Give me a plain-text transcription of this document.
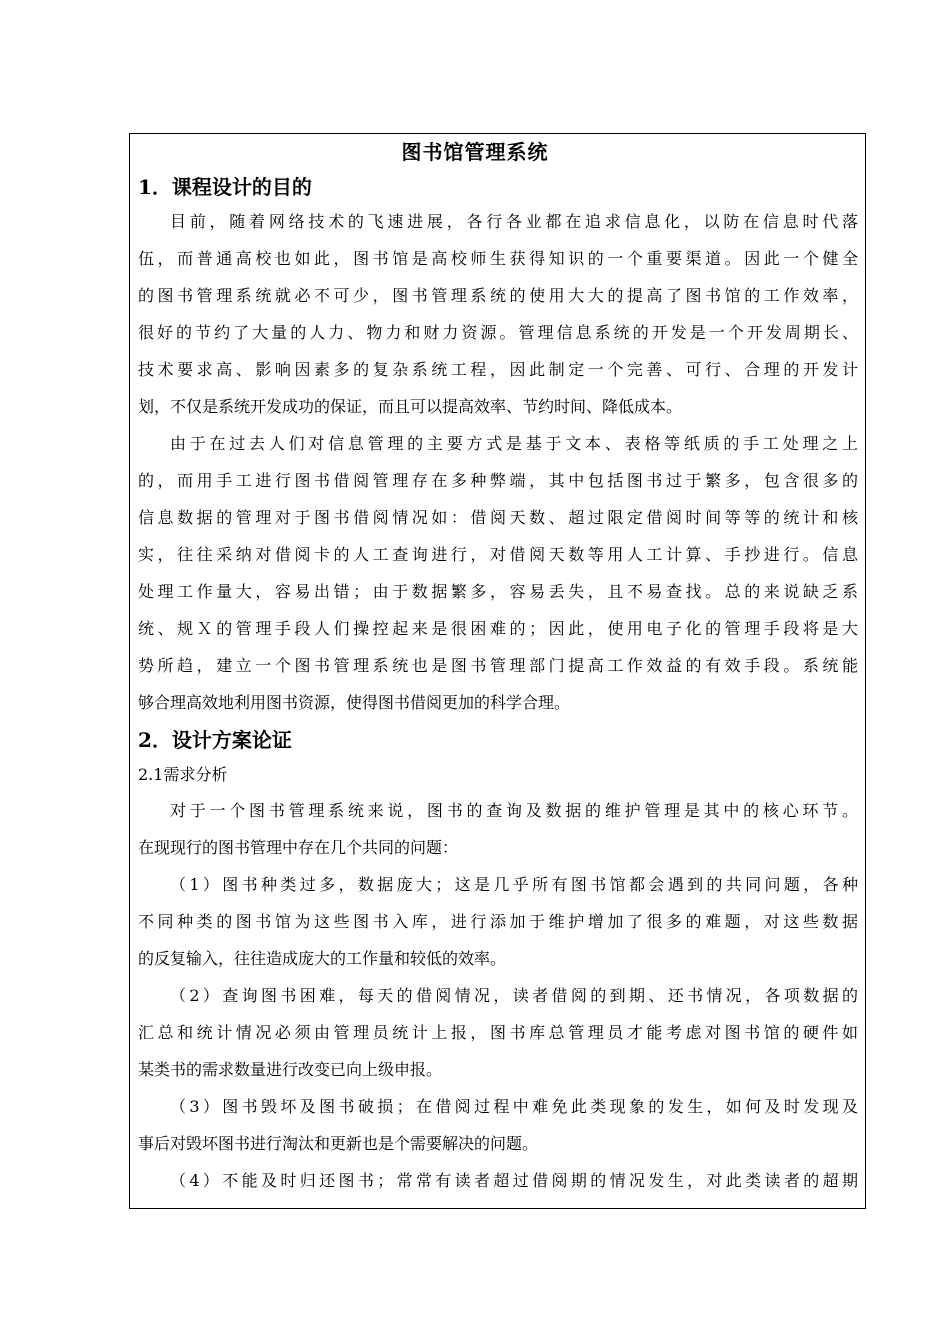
图书馆管理系统
1．课程设计的目的
目前，随着网络技术的飞速进展，各行各业都在追求信息化，以防在信息时代落
伍，而普通高校也如此，图书馆是高校师生获得知识的一个重要渠道。因此一个健全
的图书管理系统就必不可少，图书管理系统的使用大大的提高了图书馆的工作效率，
很好的节约了大量的人力、物力和财力资源。管理信息系统的开发是一个开发周期长、
技术要求高、影响因素多的复杂系统工程，因此制定一个完善、可行、合理的开发计
划，不仅是系统开发成功的保证，而且可以提高效率、节约时间、降低成本。
由于在过去人们对信息管理的主要方式是基于文本、表格等纸质的手工处理之上
的，而用手工进行图书借阅管理存在多种弊端，其中包括图书过于繁多，包含很多的
信息数据的管理对于图书借阅情况如：借阅天数、超过限定借阅时间等等的统计和核
实，往往采纳对借阅卡的人工查询进行，对借阅天数等用人工计算、手抄进行。信息
处理工作量大，容易出错；由于数据繁多，容易丢失，且不易查找。总的来说缺乏系
统、规Ｘ的管理手段人们操控起来是很困难的；因此，使用电子化的管理手段将是大
势所趋，建立一个图书管理系统也是图书管理部门提高工作效益的有效手段。系统能
够合理高效地利用图书资源，使得图书借阅更加的科学合理。
2．设计方案论证
2.1需求分析
对于一个图书管理系统来说，图书的查询及数据的维护管理是其中的核心环节。
在现现行的图书管理中存在几个共同的问题：
（1）图书种类过多，数据庞大；这是几乎所有图书馆都会遇到的共同问题，各种
不同种类的图书馆为这些图书入库，进行添加于维护增加了很多的难题，对这些数据
的反复输入，往往造成庞大的工作量和较低的效率。
（2）查询图书困难，每天的借阅情况，读者借阅的到期、还书情况，各项数据的
汇总和统计情况必须由管理员统计上报，图书库总管理员才能考虑对图书馆的硬件如
某类书的需求数量进行改变已向上级申报。
（3）图书毁坏及图书破损；在借阅过程中难免此类现象的发生，如何及时发现及
事后对毁坏图书进行淘汰和更新也是个需要解决的问题。
（4）不能及时归还图书；常常有读者超过借阅期的情况发生，对此类读者的超期
